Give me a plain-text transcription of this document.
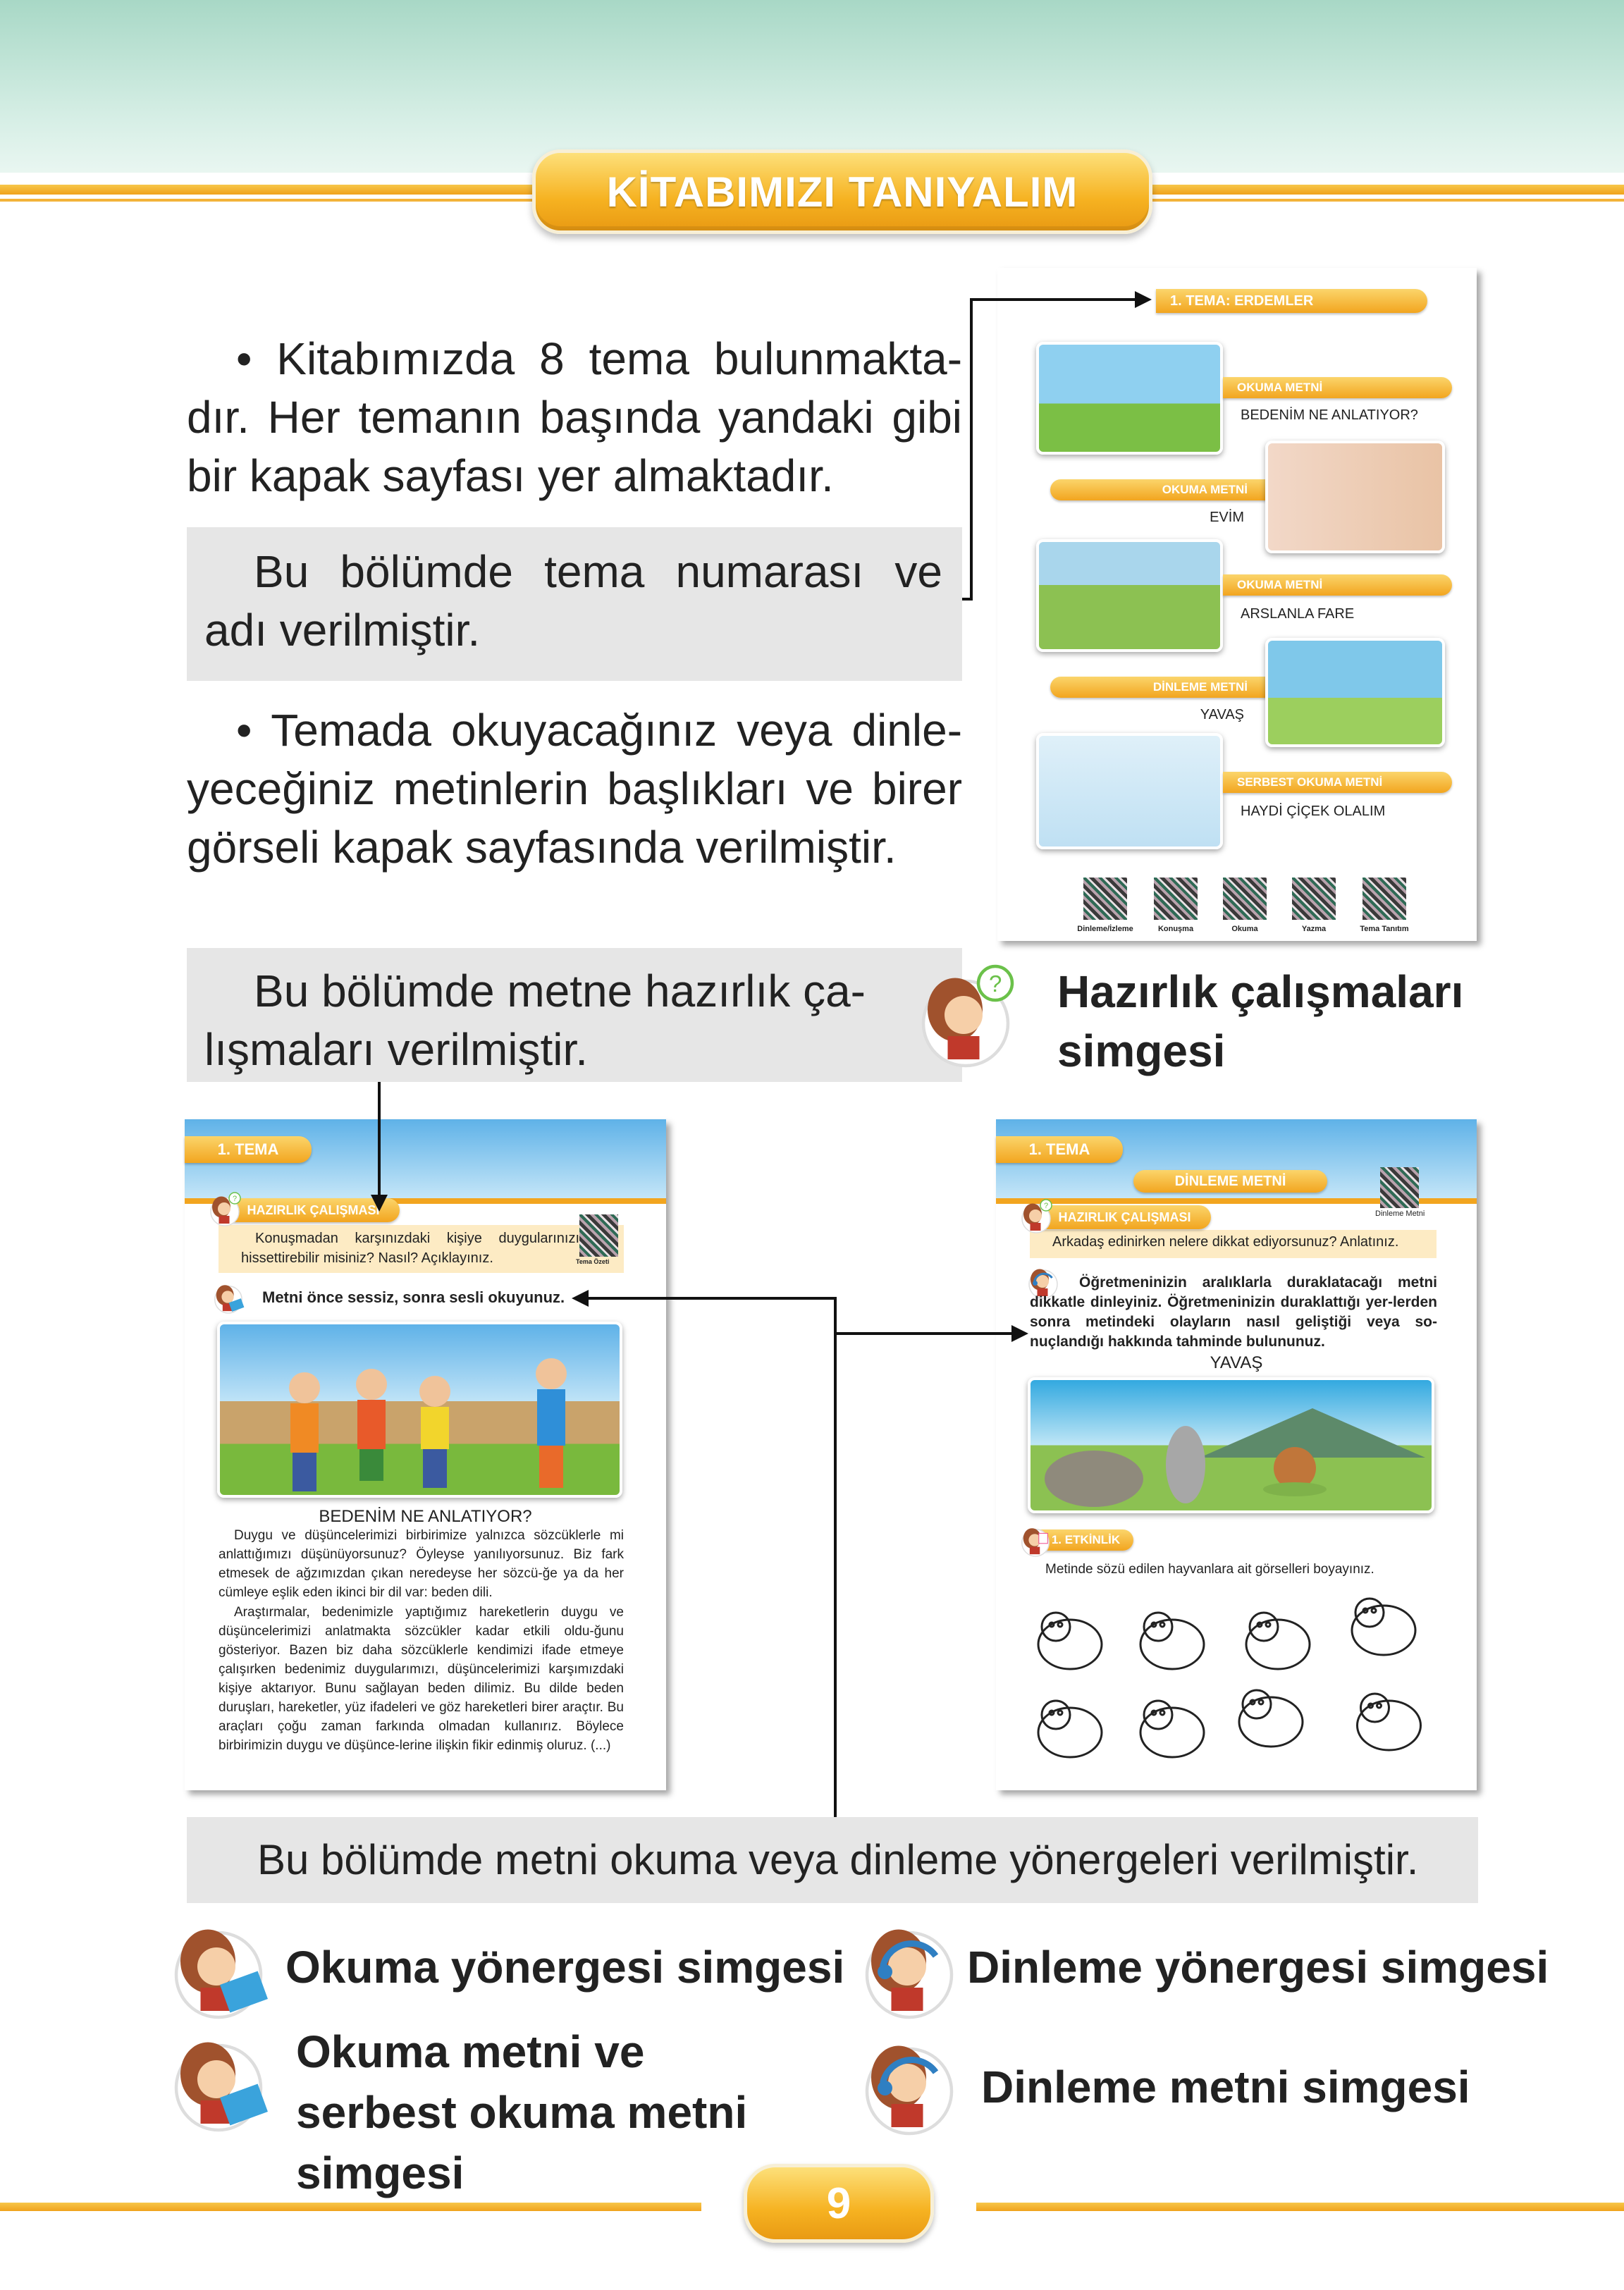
KİTABIMIZI TANIYALIM
• Kitabımızda 8 tema bulunmakta-dır. Her temanın başında yandaki gibi bir kapak sayfası yer almaktadır.
Bu bölümde tema numarası ve adı verilmiştir.
• Temada okuyacağınız veya dinle-yeceğiniz metinlerin başlıkları ve birer görseli kapak sayfasında verilmiştir.
1. TEMA: ERDEMLER
OKUMA METNİ
BEDENİM NE ANLATIYOR?
OKUMA METNİ
EVİM
OKUMA METNİ
ARSLANLA FARE
DİNLEME METNİ
YAVAŞ
SERBEST OKUMA METNİ
HAYDİ ÇİÇEK OLALIM
Dinleme/İzleme	Konuşma	Okuma	Yazma	Tema Tanıtım
Bu bölümde metne hazırlık ça-lışmaları verilmiştir.
? Hazırlık çalışmaları simgesi
1. TEMA
HAZIRLIK ÇALIŞMASI
?
Konuşmadan karşınızdaki kişiye duygularınızı hissettirebilir misiniz? Nasıl? Açıklayınız.	Tema Özeti
Metni önce sessiz, sonra sesli okuyunuz.
BEDENİM NE ANLATIYOR?
Duygu ve düşüncelerimizi birbirimize yalnızca sözcüklerle mi anlattığımızı düşünüyorsunuz? Öyleyse yanılıyorsunuz. Biz fark etmesek de ağzımızdan çıkan neredeyse her sözcü-ğe ya da her cümleye eşlik eden ikinci bir dil var: beden dili.
Araştırmalar, bedenimizle yaptığımız hareketlerin duygu ve düşüncelerimizi anlatmakta sözcükler kadar etkili oldu-ğunu gösteriyor. Bazen biz daha sözcüklerle kendimizi ifade etmeye çalışırken bedenimiz duygularımızı, düşüncelerimizi karşımızdaki kişiye aktarıyor. Bunu sağlayan beden dilimiz. Bu dilde beden duruşları, hareketler, yüz ifadeleri ve göz hareketleri birer araçtır. Bu araçları çoğu zaman farkında olmadan kullanırız. Böylece birbirimizin duygu ve düşünce-lerine ilişkin fikir edinmiş oluruz. (...)
1. TEMA
DİNLEME METNİ
Dinleme Metni
HAZIRLIK ÇALIŞMASI
?
Arkadaş edinirken nelere dikkat ediyorsunuz? Anlatınız.
Öğretmeninizin aralıklarla duraklatacağı metni dikkatle dinleyiniz. Öğretmeninizin duraklattığı yer-lerden sonra metindeki olayların nasıl geliştiği veya so-nuçlandığı hakkında tahminde bulununuz.
YAVAŞ
1. ETKİNLİK
Metinde sözü edilen hayvanlara ait görselleri boyayınız.
Bu bölümde metni okuma veya dinleme yönergeleri verilmiştir.
Okuma yönergesi simgesi	Dinleme yönergesi simgesi
Okuma metni ve serbest okuma metni simgesi
Dinleme metni simgesi
9
